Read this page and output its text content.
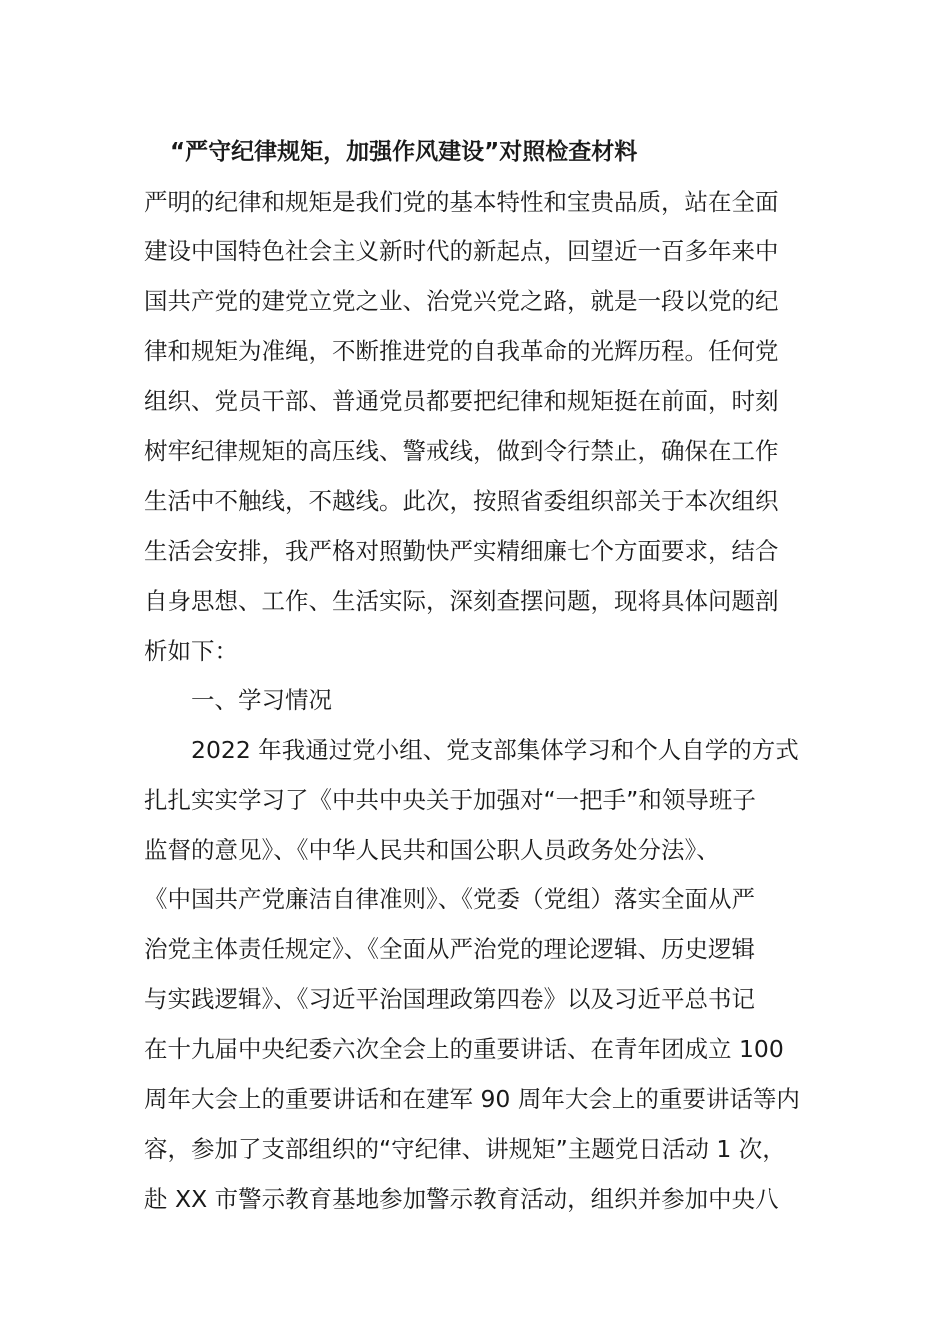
“严守纪律规矩，加强作风建设”对照检查材料

严明的纪律和规矩是我们党的基本特性和宝贵品质，站在全面

建设中国特色社会主义新时代的新起点，回望近一百多年来中

国共产党的建党立党之业、治党兴党之路，就是一段以党的纪

律和规矩为准绳，不断推进党的自我革命的光辉历程。任何党

组织、党员干部、普通党员都要把纪律和规矩挺在前面，时刻

树牢纪律规矩的高压线、警戒线，做到令行禁止，确保在工作

生活中不触线，不越线。此次，按照省委组织部关于本次组织

生活会安排，我严格对照勤快严实精细廉七个方面要求，结合

自身思想、工作、生活实际，深刻查摆问题，现将具体问题剖

析如下：

一、学习情况

2022 年我通过党小组、党支部集体学习和个人自学的方式

扎扎实实学习了《中共中央关于加强对“一把手”和领导班子

监督的意见》、《中华人民共和国公职人员政务处分法》、

《中国共产党廉洁自律准则》、《党委（党组）落实全面从严

治党主体责任规定》、《全面从严治党的理论逻辑、历史逻辑

与实践逻辑》、《习近平治国理政第四卷》以及习近平总书记

在十九届中央纪委六次全会上的重要讲话、在青年团成立 100

周年大会上的重要讲话和在建军 90 周年大会上的重要讲话等内

容，参加了支部组织的“守纪律、讲规矩”主题党日活动 1 次，

赴 XX 市警示教育基地参加警示教育活动，组织并参加中央八
